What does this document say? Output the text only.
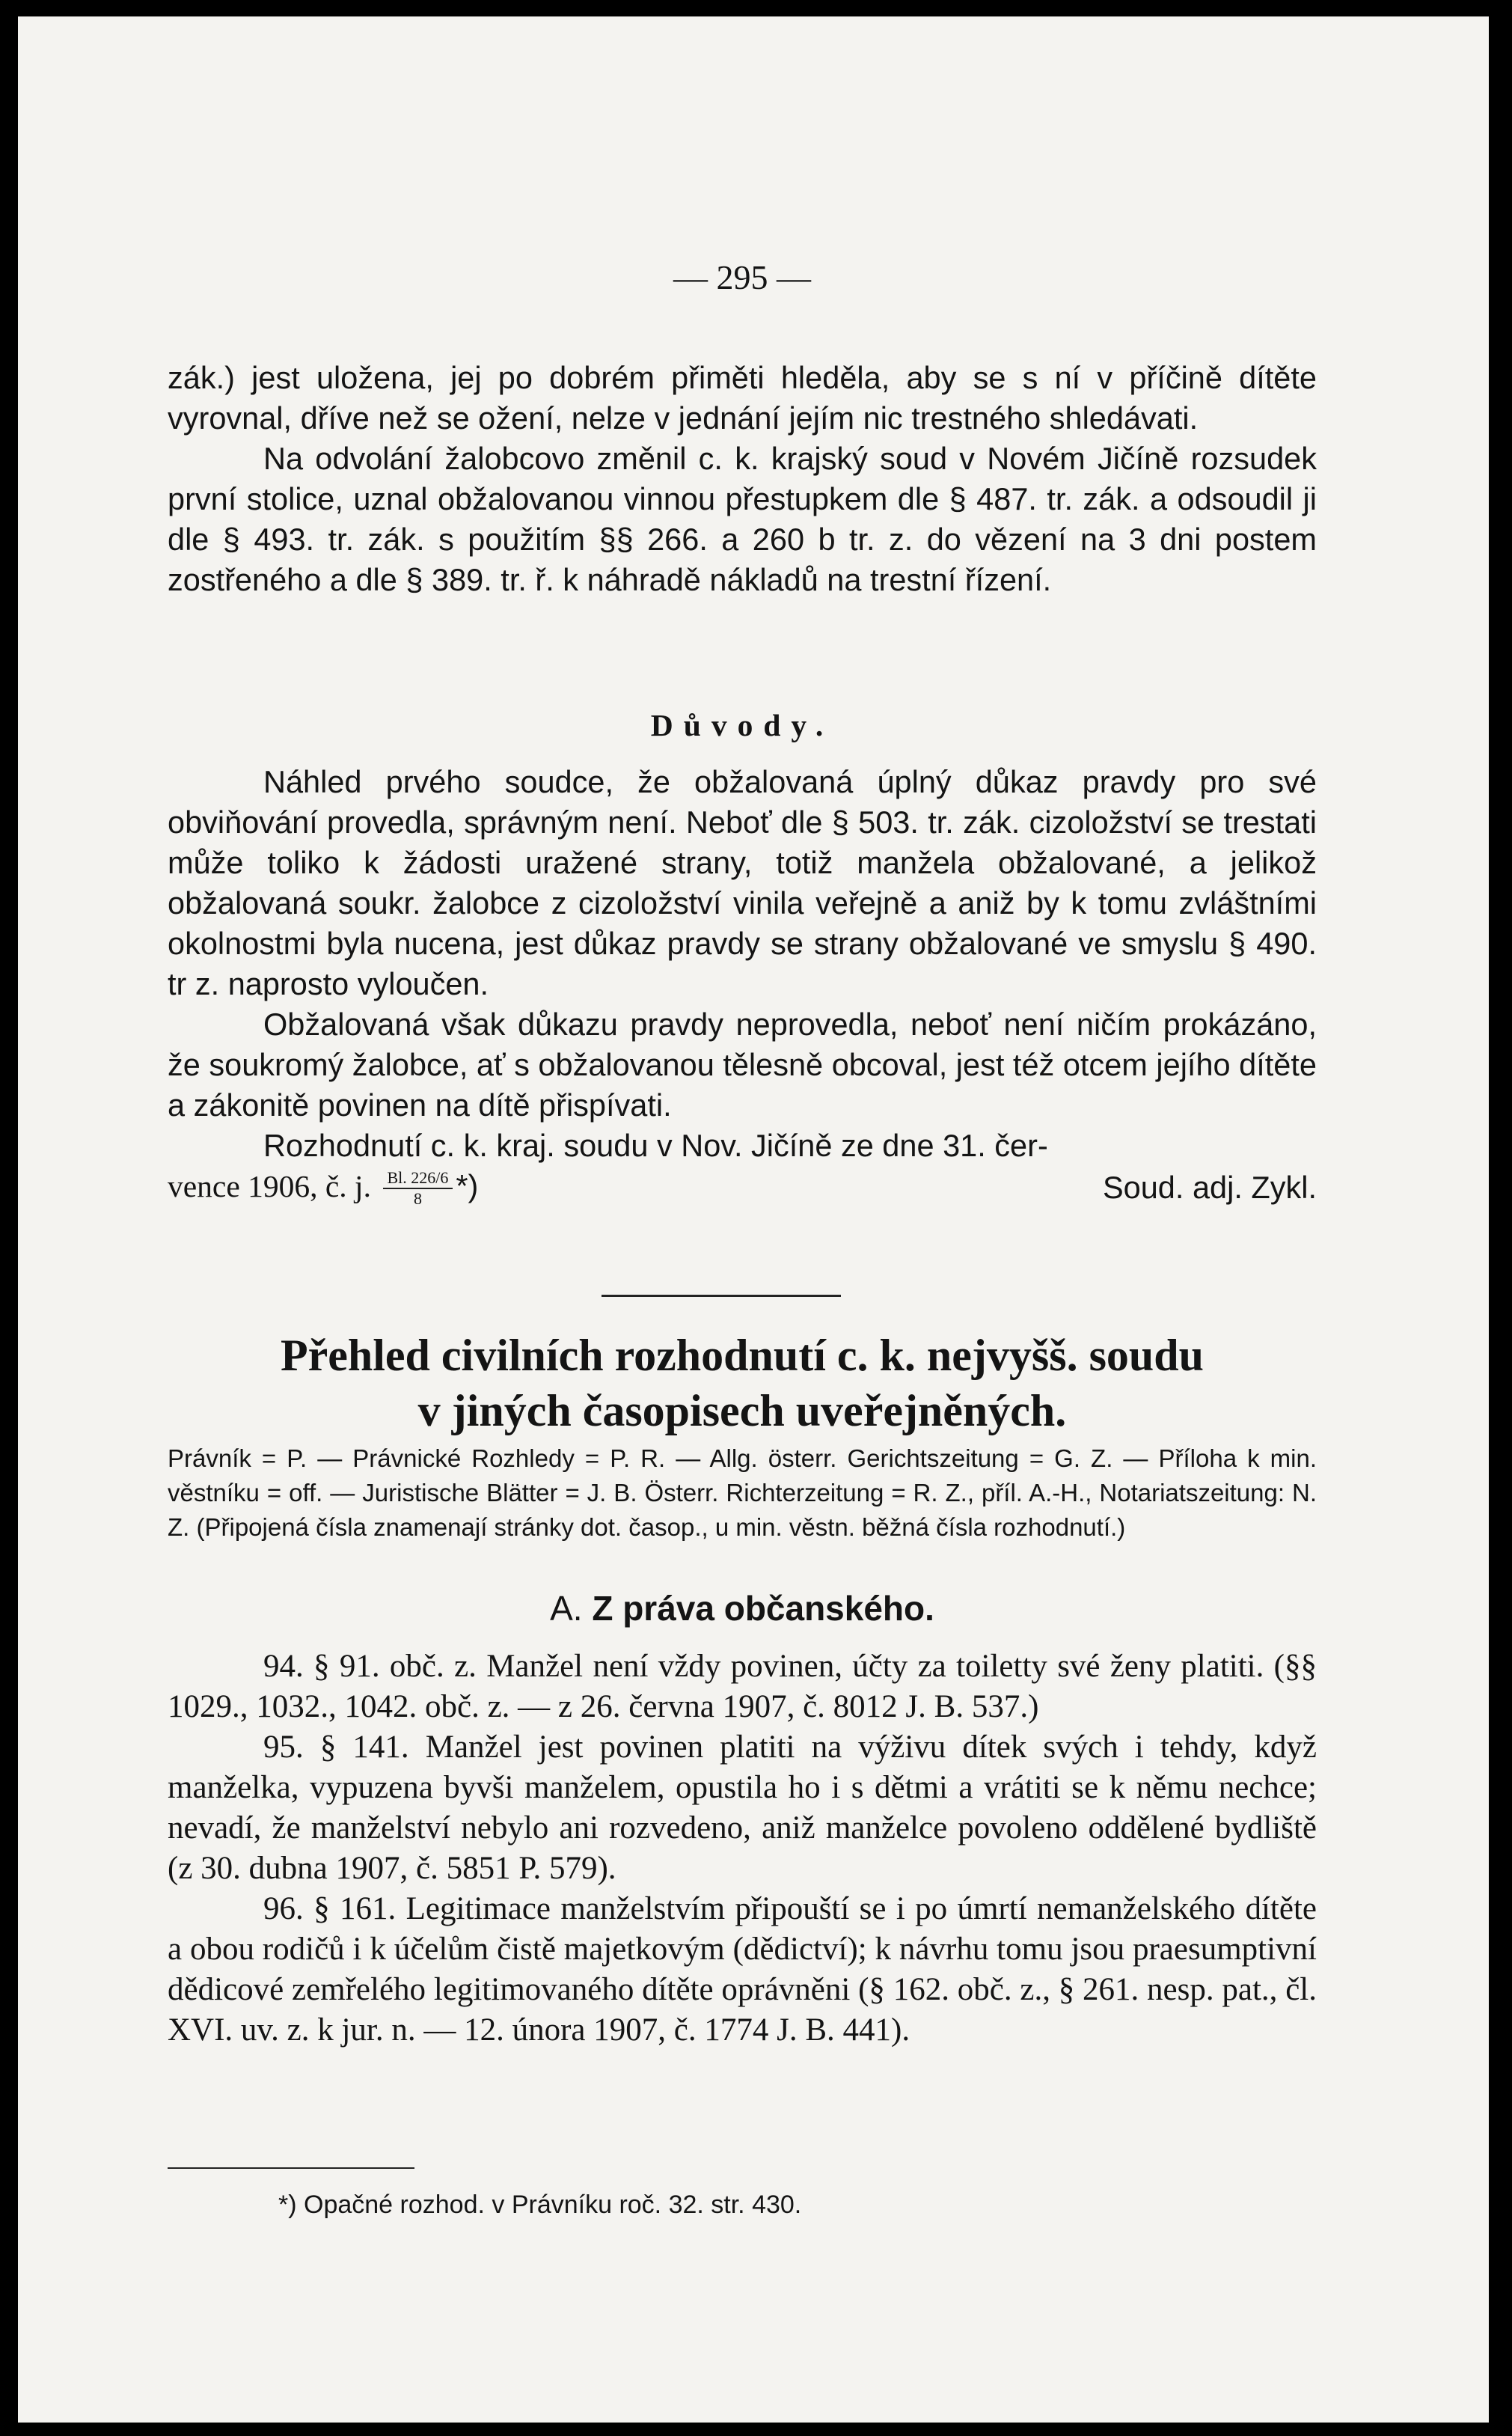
— 295 —

zák.) jest uložena, jej po dobrém přiměti hleděla, aby se s ní v příčině dítěte vyrovnal, dříve než se ožení, nelze v jednání jejím nic trestného shledávati.

Na odvolání žalobcovo změnil c. k. krajský soud v Novém Jičíně rozsudek první stolice, uznal obžalovanou vinnou přestupkem dle § 487. tr. zák. a odsoudil ji dle § 493. tr. zák. s použitím §§ 266. a 260 b tr. z. do vězení na 3 dni postem zostřeného a dle § 389. tr. ř. k náhradě nákladů na trestní řízení.

Důvody.

Náhled prvého soudce, že obžalovaná úplný důkaz pravdy pro své obviňování provedla, správným není. Neboť dle § 503. tr. zák. cizoložství se trestati může toliko k žádosti uražené strany, totiž manžela obžalované, a jelikož obžalovaná soukr. žalobce z cizoložství vinila veřejně a aniž by k tomu zvláštními okolnostmi byla nucena, jest důkaz pravdy se strany obžalované ve smyslu § 490. tr z. naprosto vyloučen.

Obžalovaná však důkazu pravdy neprovedla, neboť není ničím prokázáno, že soukromý žalobce, ať s obžalovanou tělesně obcoval, jest též otcem jejího dítěte a zákonitě povinen na dítě přispívati.

Rozhodnutí c. k. kraj. soudu v Nov. Jičíně ze dne 31. čer-

vence 1906, č. j. $\frac{Bl. 226/6}{8}$ *)	Soud. adj. Zykl.

Přehled civilních rozhodnutí c. k. nejvyšš. soudu
v jiných časopisech uveřejněných.
Právník = P. — Právnické Rozhledy = P. R. — Allg. österr. Gerichtszeitung = G. Z. — Příloha k min. věstníku = off. — Juristische Blätter = J. B. Österr. Richterzeitung = R. Z., příl. A.-H., Notariatszeitung: N. Z. (Připojená čísla znamenají stránky dot. časop., u min. věstn. běžná čísla rozhodnutí.)
A. Z práva občanského.

94. § 91. obč. z. Manžel není vždy povinen, účty za toiletty své ženy platiti. (§§ 1029., 1032., 1042. obč. z. — z 26. června 1907, č. 8012 J. B. 537.)

95. § 141. Manžel jest povinen platiti na výživu dítek svých i tehdy, když manželka, vypuzena byvši manželem, opustila ho i s dětmi a vrátiti se k němu nechce; nevadí, že manželství nebylo ani rozvedeno, aniž manželce povoleno oddělené bydliště (z 30. dubna 1907, č. 5851 P. 579).

96. § 161. Legitimace manželstvím připouští se i po úmrtí nemanželského dítěte a obou rodičů i k účelům čistě majetkovým (dědictví); k návrhu tomu jsou praesumptivní dědicové zemřelého legitimovaného dítěte oprávněni (§ 162. obč. z., § 261. nesp. pat., čl. XVI. uv. z. k jur. n. — 12. února 1907, č. 1774 J. B. 441).

*) Opačné rozhod. v Právníku roč. 32. str. 430.
